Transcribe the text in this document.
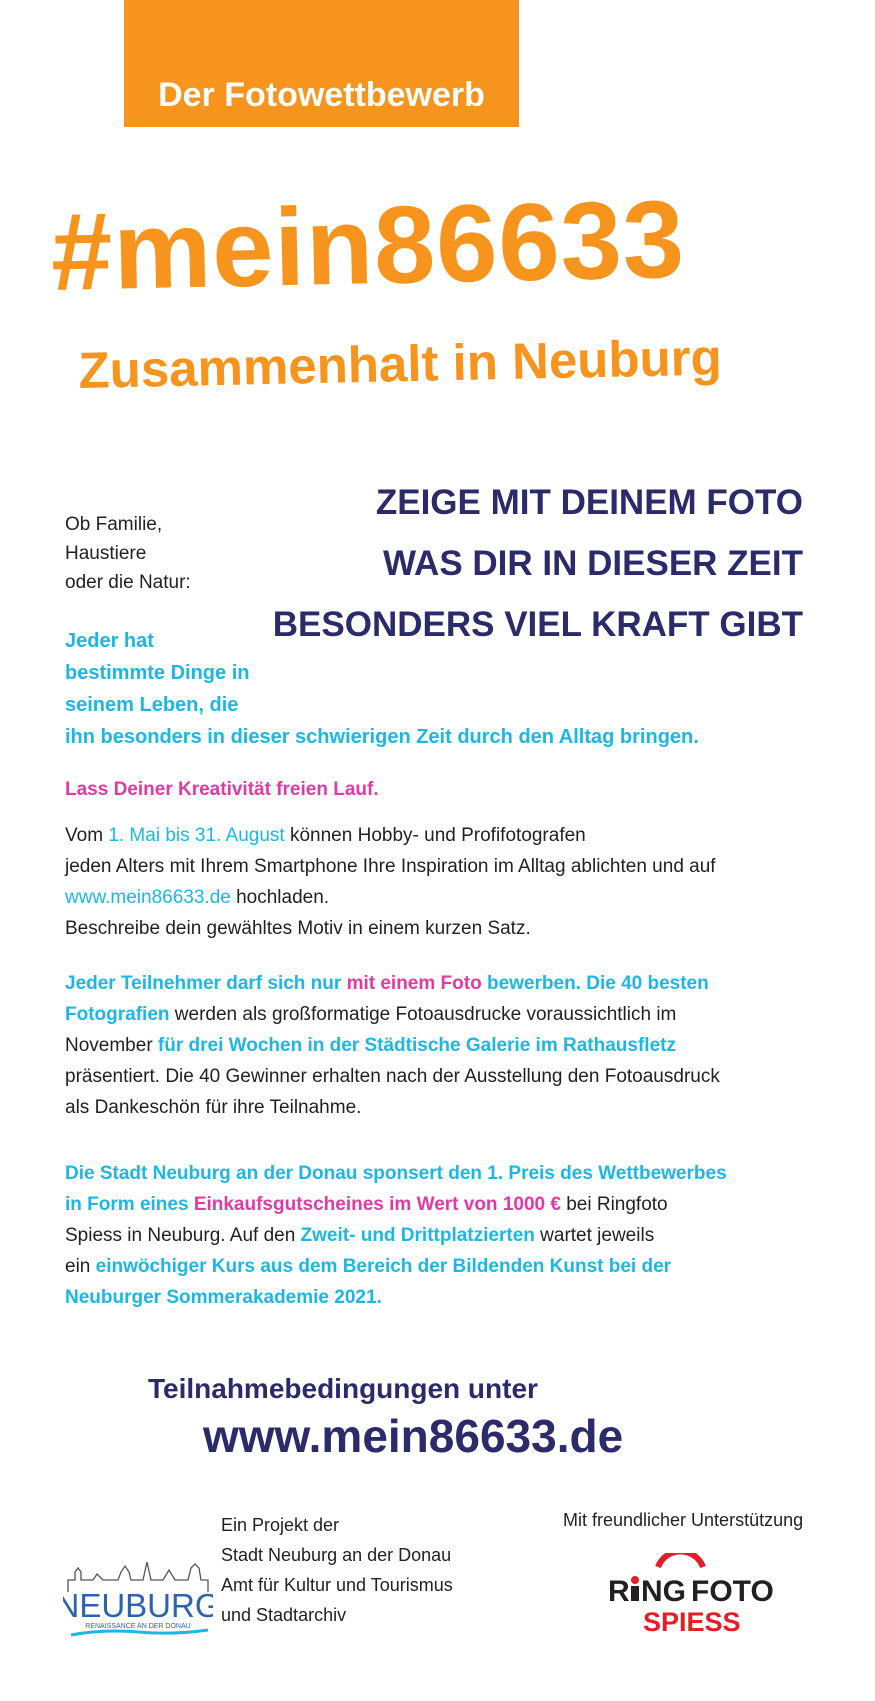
Der Fotowettbewerb
#mein86633
Zusammenhalt in Neuburg
ZEIGE MIT DEINEM FOTO
WAS DIR IN DIESER ZEIT
BESONDERS VIEL KRAFT GIBT
Ob Familie,
Haustiere
oder die Natur:
Jeder hat
bestimmte Dinge in
seinem Leben, die
ihn besonders in dieser schwierigen Zeit durch den Alltag bringen.
Lass Deiner Kreativität freien Lauf.
Vom 1. Mai bis 31. August können Hobby- und Profifotografen
jeden Alters mit Ihrem Smartphone Ihre Inspiration im Alltag ablichten und auf
www.mein86633.de hochladen.
Beschreibe dein gewähltes Motiv in einem kurzen Satz.
Jeder Teilnehmer darf sich nur mit einem Foto bewerben. Die 40 besten
Fotografien werden als großformatige Fotoausdrucke voraussichtlich im
November für drei Wochen in der Städtische Galerie im Rathausfletz
präsentiert. Die 40 Gewinner erhalten nach der Ausstellung den Fotoausdruck
als Dankeschön für ihre Teilnahme.
Die Stadt Neuburg an der Donau sponsert den 1. Preis des Wettbewerbes
in Form eines Einkaufsgutscheines im Wert von 1000 € bei Ringfoto
Spiess in Neuburg. Auf den Zweit- und Drittplatzierten wartet jeweils
ein einwöchiger Kurs aus dem Bereich der Bildenden Kunst bei der
Neuburger Sommerakademie 2021.
Teilnahmebedingungen unter
www.mein86633.de
NEUBURG
RENAISSANCE AN DER DONAU
Ein Projekt der
Stadt Neuburg an der Donau
Amt für Kultur und Tourismus
und Stadtarchiv
Mit freundlicher Unterstützung
R NG FOTO
SPIESS
